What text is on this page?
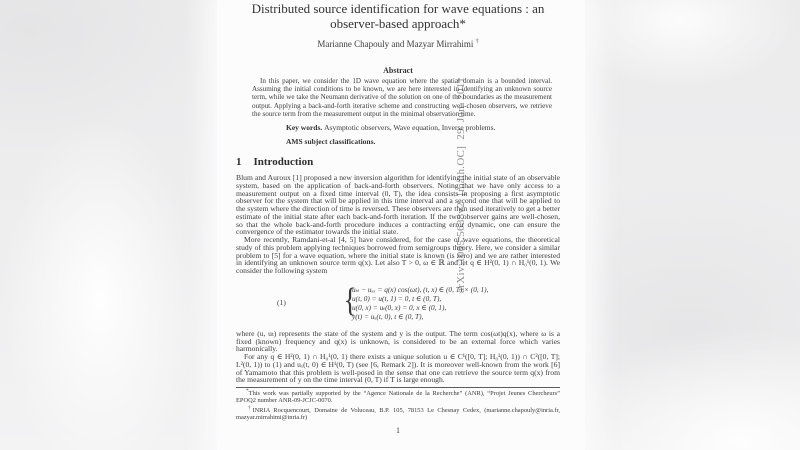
arXiv:1005.5638v2 [math.OC] 29 Jun 2011
Distributed source identification for wave equations : an
observer-based approach*
Marianne Chapouly and Mazyar Mirrahimi †
Abstract
In this paper, we consider the 1D wave equation where the spatial domain is a bounded interval. Assuming the initial conditions to be known, we are here interested in identifying an unknown source term, while we take the Neumann derivative of the solution on one of the boundaries as the measurement output. Applying a back-and-forth iterative scheme and constructing well-chosen observers, we retrieve the source term from the measurement output in the minimal observation time.
Key words. Asymptotic observers, Wave equation, Inverse problems.
AMS subject classifications.
1 Introduction

Blum and Auroux [1] proposed a new inversion algorithm for identifying the initial state of an observable system, based on the application of back-and-forth observers. Noting that we have only access to a measurement output on a fixed time interval (0, T), the idea consists in proposing a first asymptotic observer for the system that will be applied in this time interval and a second one that will be applied to the system where the direction of time is reversed. These observers are then used iteratively to get a better estimate of the initial state after each back-and-forth iteration. If the two observer gains are well-chosen, so that the whole back-and-forth procedure induces a contracting error dynamic, one can ensure the convergence of the estimator towards the initial state.

More recently, Ramdani-et-al [4, 5] have considered, for the case of wave equations, the theoretical study of this problem applying techniques borrowed from semigroups theory. Here, we consider a similar problem to [5] for a wave equation, where the initial state is known (is zero) and we are rather interested in identifying an unknown source term q(x). Let also T > 0, ω ∈ ℝ and let q ∈ H²(0, 1) ∩ H₀¹(0, 1). We consider the following system

(1) {
uₜₜ − uₓₓ = q(x) cos(ωt), (t, x) ∈ (0, T) × (0, 1),
u(t, 0) = u(t, 1) = 0, t ∈ (0, T),
u(0, x) = uₜ(0, x) = 0, x ∈ (0, 1),
y(t) = uₓ(t, 0), t ∈ (0, T),

where (u, uₜ) represents the state of the system and y is the output. The term cos(ωt)q(x), where ω is a fixed (known) frequency and q(x) is unknown, is considered to be an external force which varies harmonically.

For any q ∈ H²(0, 1) ∩ H₀¹(0, 1) there exists a unique solution u ∈ C¹([0, T]; H₀¹(0, 1)) ∩ C²([0, T]; L²(0, 1)) to (1) and uₓ(t, 0) ∈ H¹(0, T) (see [6, Remark 2]). It is moreover well-known from the work [6] of Yamamoto that this problem is well-posed in the sense that one can retrieve the source term q(x) from the measurement of y on the time interval (0, T) if T is large enough.

*This work was partially supported by the “Agence Nationale de la Recherche” (ANR), “Projet Jeunes Chercheurs” EPOQ2 number ANR-09-JCJC-0070.

†INRIA Rocquencourt, Domaine de Voluceau, B.P. 105, 78153 Le Chesnay Cedex, (marianne.chapouly@inria.fr, mazyar.mirrahimi@inria.fr)

1
